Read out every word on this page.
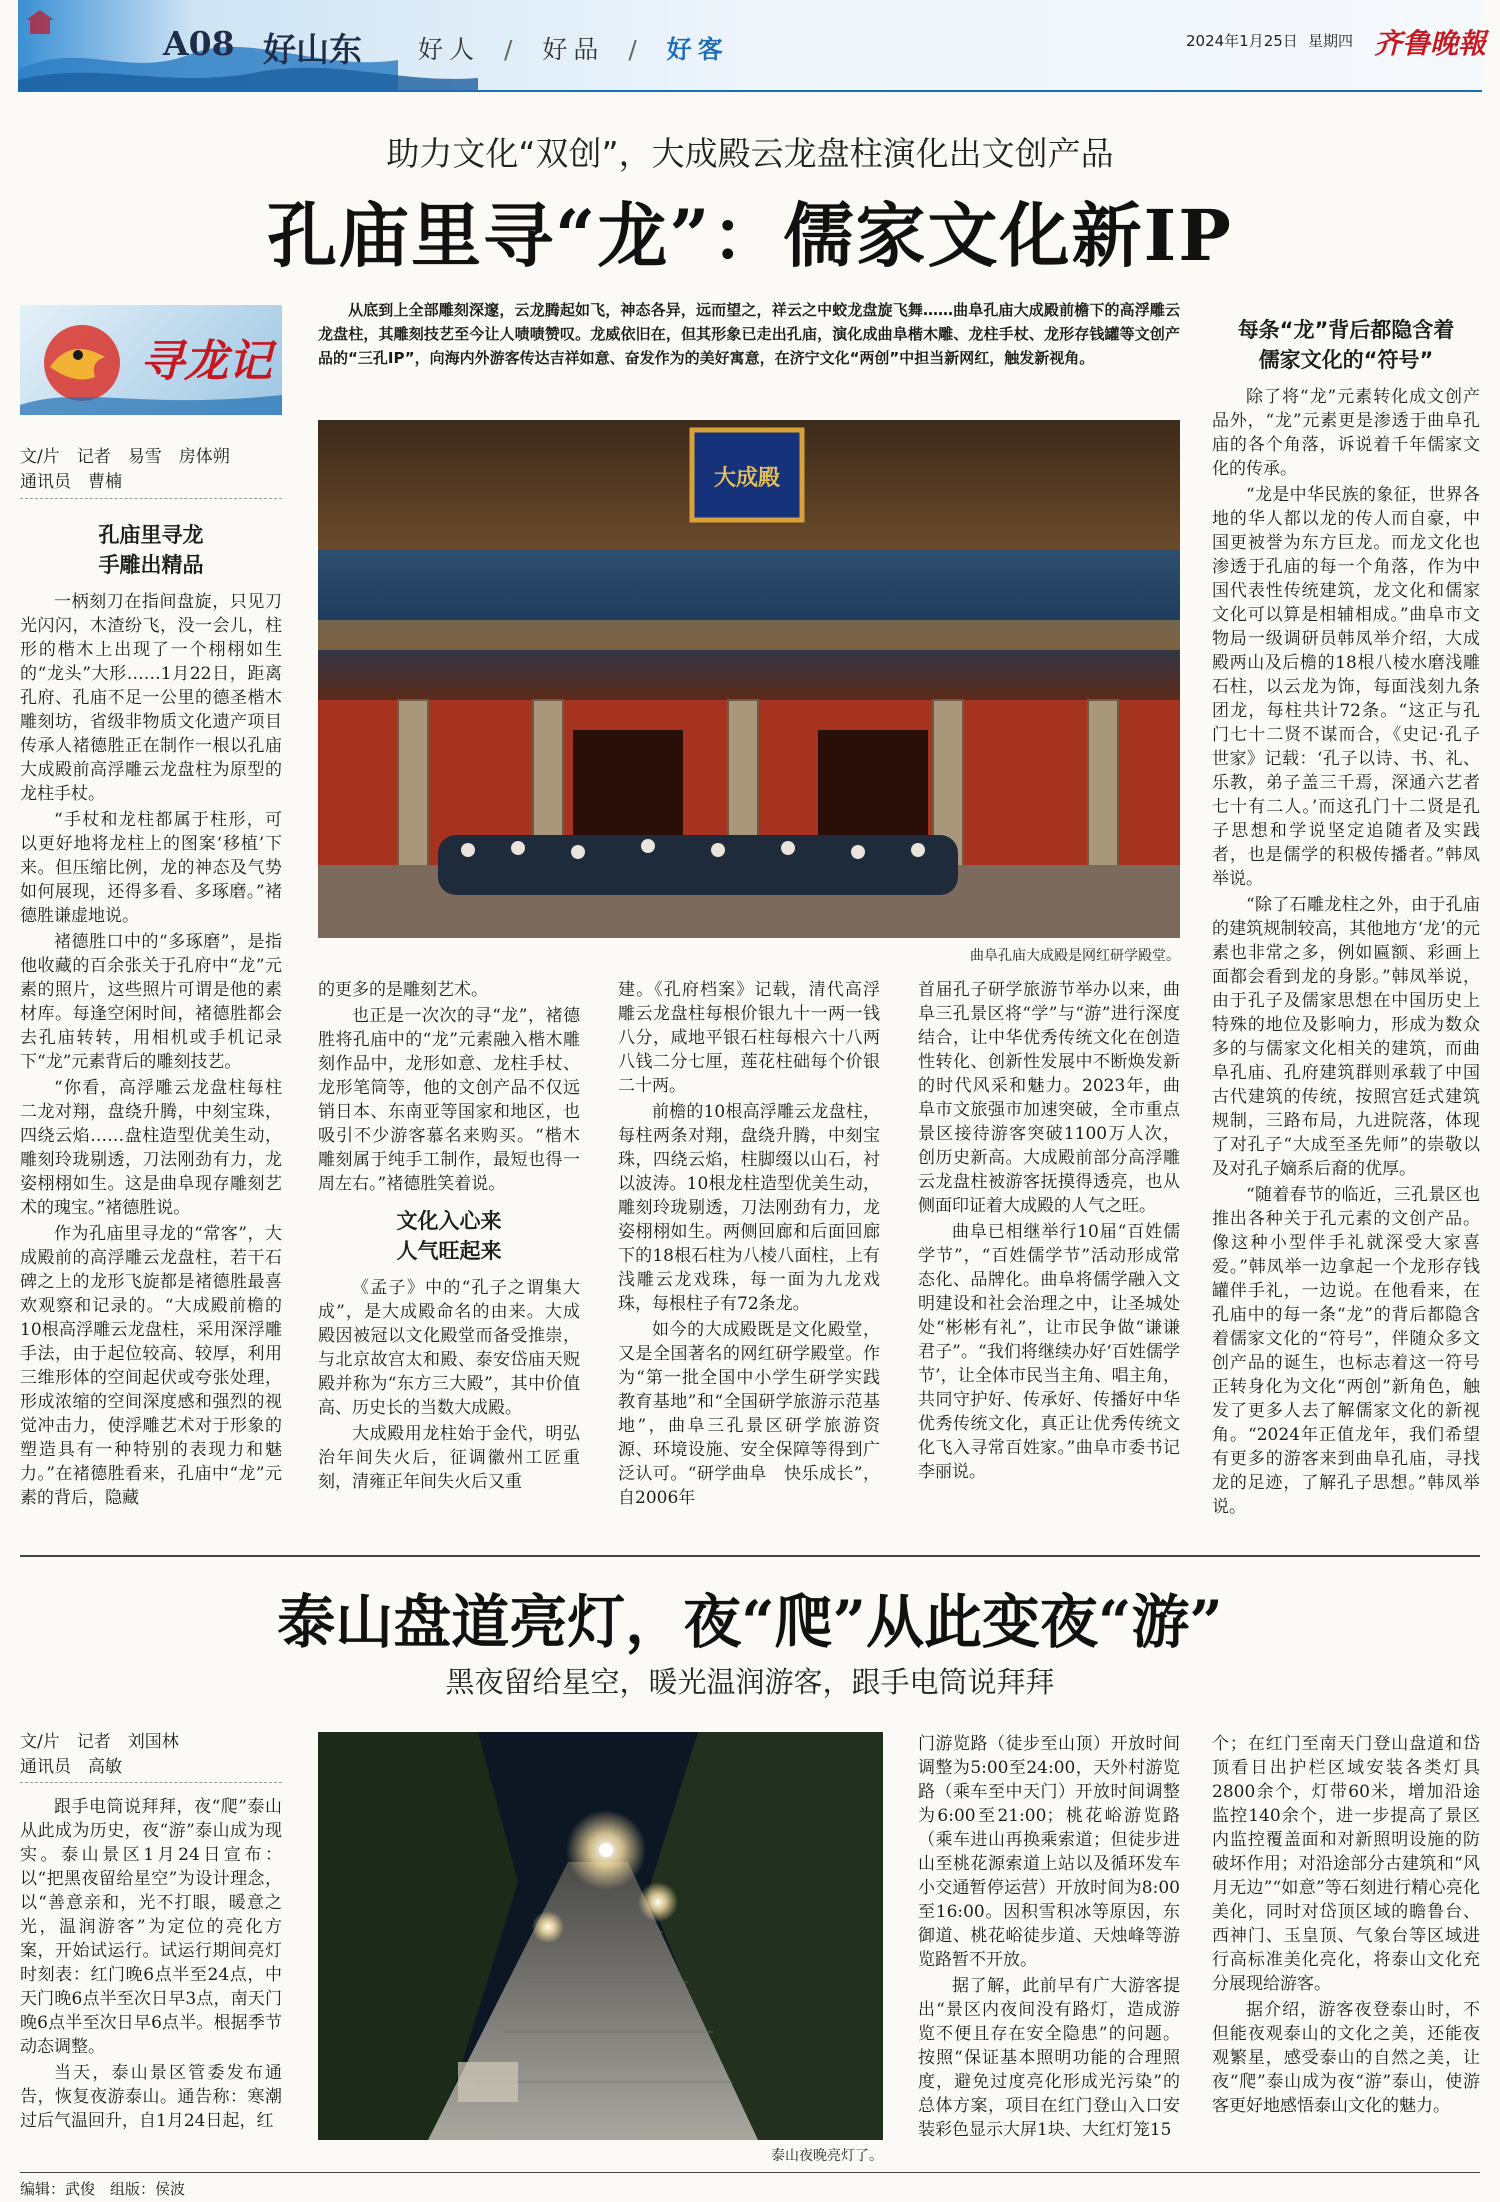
A08 好山东 好人 / 好品 / 好客	2024年1月25日 星期四 齐鲁晚報
助力文化“双创”，大成殿云龙盘柱演化出文创产品
孔庙里寻“龙”：儒家文化新IP
寻龙记
文/片　记者　易雪　房体朔
通讯员　曹楠
从底到上全部雕刻深邃，云龙腾起如飞，神态各异，远而望之，祥云之中蛟龙盘旋飞舞……曲阜孔庙大成殿前檐下的高浮雕云龙盘柱，其雕刻技艺至今让人啧啧赞叹。龙威依旧在，但其形象已走出孔庙，演化成曲阜楷木雕、龙柱手杖、龙形存钱罐等文创产品的“三孔IP”，向海内外游客传达吉祥如意、奋发作为的美好寓意，在济宁文化“两创”中担当新网红，触发新视角。
大成殿
曲阜孔庙大成殿是网红研学殿堂。
孔庙里寻龙
手雕出精品

一柄刻刀在指间盘旋，只见刀光闪闪，木渣纷飞，没一会儿，柱形的楷木上出现了一个栩栩如生的“龙头”大形……1月22日，距离孔府、孔庙不足一公里的德圣楷木雕刻坊，省级非物质文化遗产项目传承人褚德胜正在制作一根以孔庙大成殿前高浮雕云龙盘柱为原型的龙柱手杖。

“手杖和龙柱都属于柱形，可以更好地将龙柱上的图案‘移植’下来。但压缩比例，龙的神态及气势如何展现，还得多看、多琢磨。”褚德胜谦虚地说。

褚德胜口中的“多琢磨”，是指他收藏的百余张关于孔府中“龙”元素的照片，这些照片可谓是他的素材库。每逢空闲时间，褚德胜都会去孔庙转转，用相机或手机记录下“龙”元素背后的雕刻技艺。

“你看，高浮雕云龙盘柱每柱二龙对翔，盘绕升腾，中刻宝珠，四绕云焰……盘柱造型优美生动，雕刻玲珑剔透，刀法刚劲有力，龙姿栩栩如生。这是曲阜现存雕刻艺术的瑰宝。”褚德胜说。

作为孔庙里寻龙的“常客”，大成殿前的高浮雕云龙盘柱，若干石碑之上的龙形飞旋都是褚德胜最喜欢观察和记录的。“大成殿前檐的10根高浮雕云龙盘柱，采用深浮雕手法，由于起位较高、较厚，利用三维形体的空间起伏或夸张处理，形成浓缩的空间深度感和强烈的视觉冲击力，使浮雕艺术对于形象的塑造具有一种特别的表现力和魅力。”在褚德胜看来，孔庙中“龙”元素的背后，隐藏

的更多的是雕刻艺术。

也正是一次次的寻“龙”，褚德胜将孔庙中的“龙”元素融入楷木雕刻作品中，龙形如意、龙柱手杖、龙形笔筒等，他的文创产品不仅远销日本、东南亚等国家和地区，也吸引不少游客慕名来购买。“楷木雕刻属于纯手工制作，最短也得一周左右。”褚德胜笑着说。

文化入心来
人气旺起来

《孟子》中的“孔子之谓集大成”，是大成殿命名的由来。大成殿因被冠以文化殿堂而备受推崇，与北京故宫太和殿、泰安岱庙天贶殿并称为“东方三大殿”，其中价值高、历史长的当数大成殿。

大成殿用龙柱始于金代，明弘治年间失火后，征调徽州工匠重刻，清雍正年间失火后又重

建。《孔府档案》记载，清代高浮雕云龙盘柱每根价银九十一两一钱八分，咸地平银石柱每根六十八两八钱二分七厘，莲花柱础每个价银二十两。

前檐的10根高浮雕云龙盘柱，每柱两条对翔，盘绕升腾，中刻宝珠，四绕云焰，柱脚缀以山石，衬以波涛。10根龙柱造型优美生动，雕刻玲珑剔透，刀法刚劲有力，龙姿栩栩如生。两侧回廊和后面回廊下的18根石柱为八棱八面柱，上有浅雕云龙戏珠，每一面为九龙戏珠，每根柱子有72条龙。

如今的大成殿既是文化殿堂，又是全国著名的网红研学殿堂。作为“第一批全国中小学生研学实践教育基地”和“全国研学旅游示范基地”，曲阜三孔景区研学旅游资源、环境设施、安全保障等得到广泛认可。“研学曲阜　快乐成长”，自2006年

首届孔子研学旅游节举办以来，曲阜三孔景区将“学”与“游”进行深度结合，让中华优秀传统文化在创造性转化、创新性发展中不断焕发新的时代风采和魅力。2023年，曲阜市文旅强市加速突破，全市重点景区接待游客突破1100万人次，创历史新高。大成殿前部分高浮雕云龙盘柱被游客抚摸得透亮，也从侧面印证着大成殿的人气之旺。

曲阜已相继举行10届“百姓儒学节”，“百姓儒学节”活动形成常态化、品牌化。曲阜将儒学融入文明建设和社会治理之中，让圣城处处“彬彬有礼”，让市民争做“谦谦君子”。“我们将继续办好‘百姓儒学节’，让全体市民当主角、唱主角，共同守护好、传承好、传播好中华优秀传统文化，真正让优秀传统文化飞入寻常百姓家。”曲阜市委书记李丽说。

每条“龙”背后都隐含着
儒家文化的“符号”

除了将“龙”元素转化成文创产品外，“龙”元素更是渗透于曲阜孔庙的各个角落，诉说着千年儒家文化的传承。

“龙是中华民族的象征，世界各地的华人都以龙的传人而自豪，中国更被誉为东方巨龙。而龙文化也渗透于孔庙的每一个角落，作为中国代表性传统建筑，龙文化和儒家文化可以算是相辅相成。”曲阜市文物局一级调研员韩凤举介绍，大成殿两山及后檐的18根八棱水磨浅雕石柱，以云龙为饰，每面浅刻九条团龙，每柱共计72条。“这正与孔门七十二贤不谋而合，《史记·孔子世家》记载：‘孔子以诗、书、礼、乐教，弟子盖三千焉，深通六艺者七十有二人。’而这孔门十二贤是孔子思想和学说坚定追随者及实践者，也是儒学的积极传播者。”韩凤举说。

“除了石雕龙柱之外，由于孔庙的建筑规制较高，其他地方‘龙’的元素也非常之多，例如匾额、彩画上面都会看到龙的身影。”韩凤举说，由于孔子及儒家思想在中国历史上特殊的地位及影响力，形成为数众多的与儒家文化相关的建筑，而曲阜孔庙、孔府建筑群则承载了中国古代建筑的传统，按照宫廷式建筑规制，三路布局，九进院落，体现了对孔子“大成至圣先师”的崇敬以及对孔子嫡系后裔的优厚。

“随着春节的临近，三孔景区也推出各种关于孔元素的文创产品。像这种小型伴手礼就深受大家喜爱。”韩凤举一边拿起一个龙形存钱罐伴手礼，一边说。在他看来，在孔庙中的每一条“龙”的背后都隐含着儒家文化的“符号”，伴随众多文创产品的诞生，也标志着这一符号正转身化为文化“两创”新角色，触发了更多人去了解儒家文化的新视角。“2024年正值龙年，我们希望有更多的游客来到曲阜孔庙，寻找龙的足迹，了解孔子思想。”韩凤举说。

泰山盘道亮灯，夜“爬”从此变夜“游”
黑夜留给星空，暖光温润游客，跟手电筒说拜拜
文/片　记者　刘国林
通讯员　高敏

跟手电筒说拜拜，夜“爬”泰山从此成为历史，夜“游”泰山成为现实。泰山景区1月24日宣布：以“把黑夜留给星空”为设计理念，以“善意亲和，光不打眼，暖意之光，温润游客”为定位的亮化方案，开始试运行。试运行期间亮灯时刻表：红门晚6点半至24点，中天门晚6点半至次日早3点，南天门晚6点半至次日早6点半。根据季节动态调整。

当天，泰山景区管委发布通告，恢复夜游泰山。通告称：寒潮过后气温回升，自1月24日起，红

泰山夜晚亮灯了。

门游览路（徒步至山顶）开放时间调整为5:00至24:00，天外村游览路（乘车至中天门）开放时间调整为6:00至21:00；桃花峪游览路（乘车进山再换乘索道；但徒步进山至桃花源索道上站以及循环发车小交通暂停运营）开放时间为8:00至16:00。因积雪积冰等原因，东御道、桃花峪徒步道、天烛峰等游览路暂不开放。

据了解，此前早有广大游客提出“景区内夜间没有路灯，造成游览不便且存在安全隐患”的问题。按照“保证基本照明功能的合理照度，避免过度亮化形成光污染”的总体方案，项目在红门登山入口安装彩色显示大屏1块、大红灯笼15

个；在红门至南天门登山盘道和岱顶看日出护栏区域安装各类灯具2800余个，灯带60米，增加沿途监控140余个，进一步提高了景区内监控覆盖面和对新照明设施的防破坏作用；对沿途部分古建筑和“风月无边”“如意”等石刻进行精心亮化美化，同时对岱顶区域的瞻鲁台、西神门、玉皇顶、气象台等区域进行高标准美化亮化，将泰山文化充分展现给游客。

据介绍，游客夜登泰山时，不但能夜观泰山的文化之美，还能夜观繁星，感受泰山的自然之美，让夜“爬”泰山成为夜“游”泰山，使游客更好地感悟泰山文化的魅力。

编辑：武俊　组版：侯波
